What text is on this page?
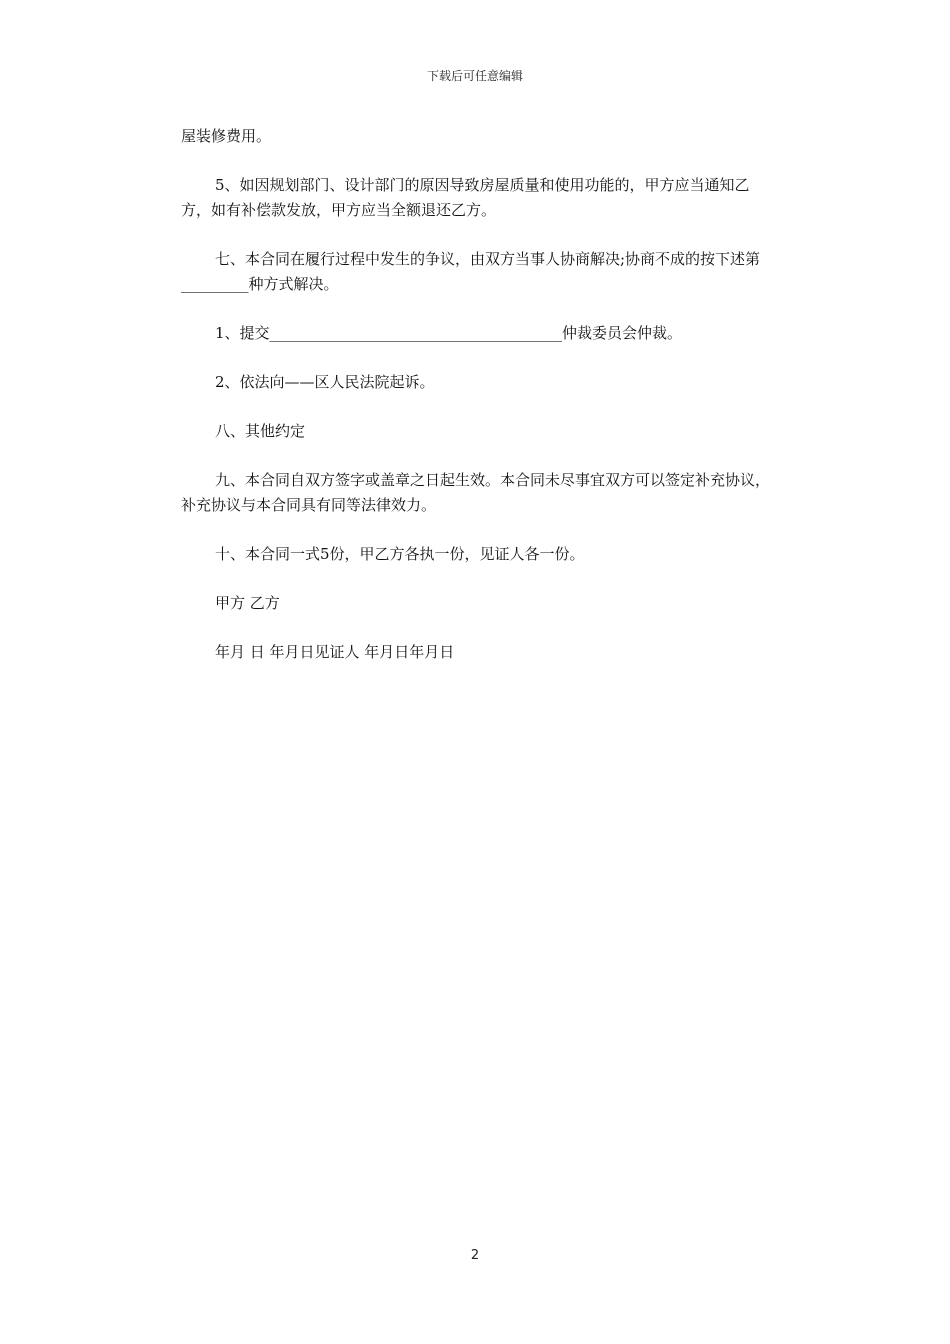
下载后可任意编辑

屋装修费用。

5、如因规划部门、设计部门的原因导致房屋质量和使用功能的，甲方应当通知乙方，如有补偿款发放，甲方应当全额退还乙方。

七、本合同在履行过程中发生的争议，由双方当事人协商解决;协商不成的按下述第_________种方式解决。

1、提交_______________________________________仲裁委员会仲裁。

2、依法向——区人民法院起诉。

八、其他约定

九、本合同自双方签字或盖章之日起生效。本合同未尽事宜双方可以签定补充协议，补充协议与本合同具有同等法律效力。

十、本合同一式5份，甲乙方各执一份，见证人各一份。

甲方 乙方

年月 日 年月日见证人 年月日年月日

2
